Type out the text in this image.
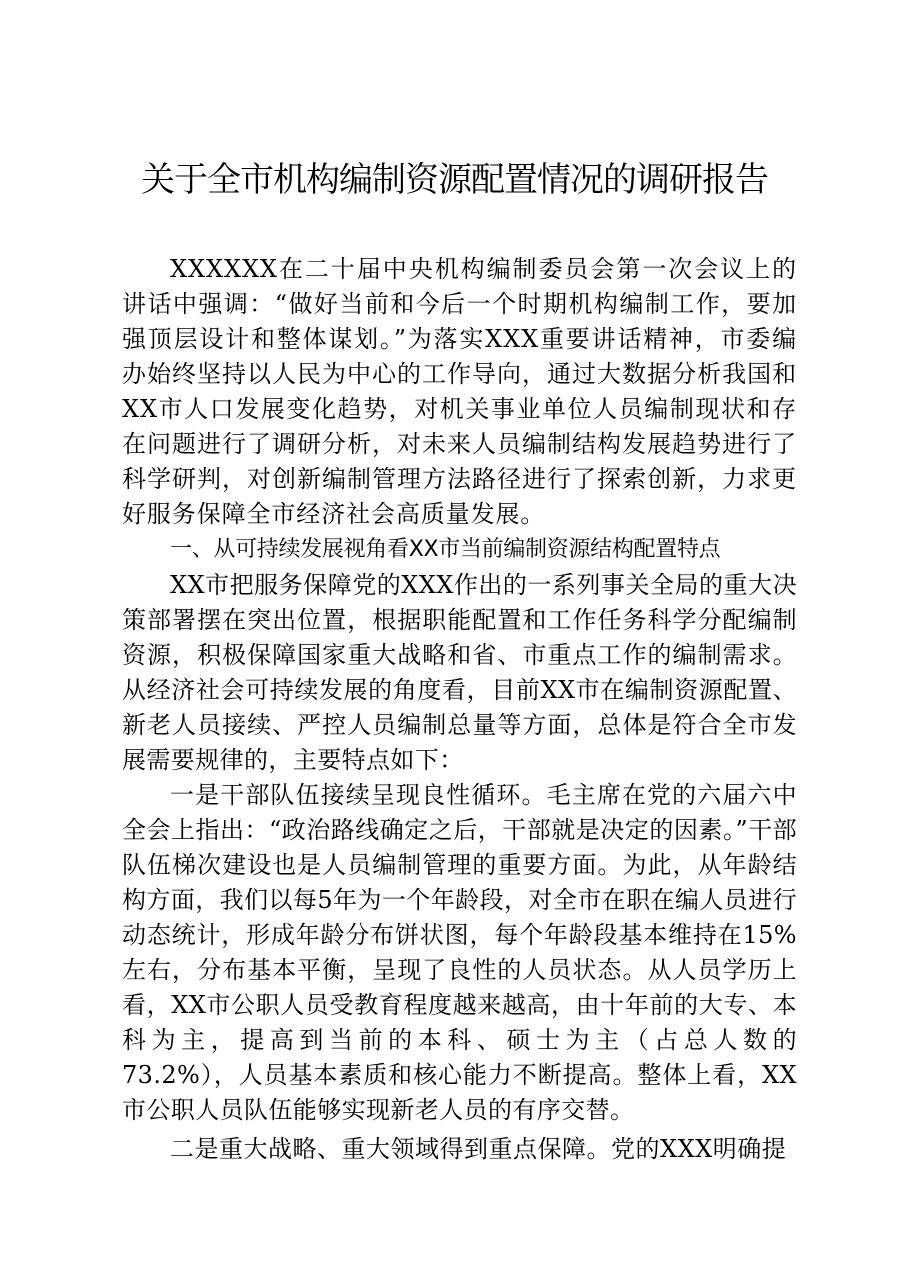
关于全市机构编制资源配置情况的调研报告

XXXXXX在二十届中央机构编制委员会第一次会议上的讲话中强调：“做好当前和今后一个时期机构编制工作，要加强顶层设计和整体谋划。”为落实XXX重要讲话精神，市委编办始终坚持以人民为中心的工作导向，通过大数据分析我国和XX市人口发展变化趋势，对机关事业单位人员编制现状和存在问题进行了调研分析，对未来人员编制结构发展趋势进行了科学研判，对创新编制管理方法路径进行了探索创新，力求更好服务保障全市经济社会高质量发展。

一、从可持续发展视角看XX市当前编制资源结构配置特点

XX市把服务保障党的XXX作出的一系列事关全局的重大决策部署摆在突出位置，根据职能配置和工作任务科学分配编制资源，积极保障国家重大战略和省、市重点工作的编制需求。从经济社会可持续发展的角度看，目前XX市在编制资源配置、新老人员接续、严控人员编制总量等方面，总体是符合全市发展需要规律的，主要特点如下：

一是干部队伍接续呈现良性循环。毛主席在党的六届六中全会上指出：“政治路线确定之后，干部就是决定的因素。”干部队伍梯次建设也是人员编制管理的重要方面。为此，从年龄结构方面，我们以每5年为一个年龄段，对全市在职在编人员进行动态统计，形成年龄分布饼状图，每个年龄段基本维持在15%左右，分布基本平衡，呈现了良性的人员状态。从人员学历上看，XX市公职人员受教育程度越来越高，由十年前的大专、本科为主，提高到当前的本科、硕士为主（占总人数的73.2%），人员基本素质和核心能力不断提高。整体上看，XX市公职人员队伍能够实现新老人员的有序交替。

二是重大战略、重大领域得到重点保障。党的XXX明确提
